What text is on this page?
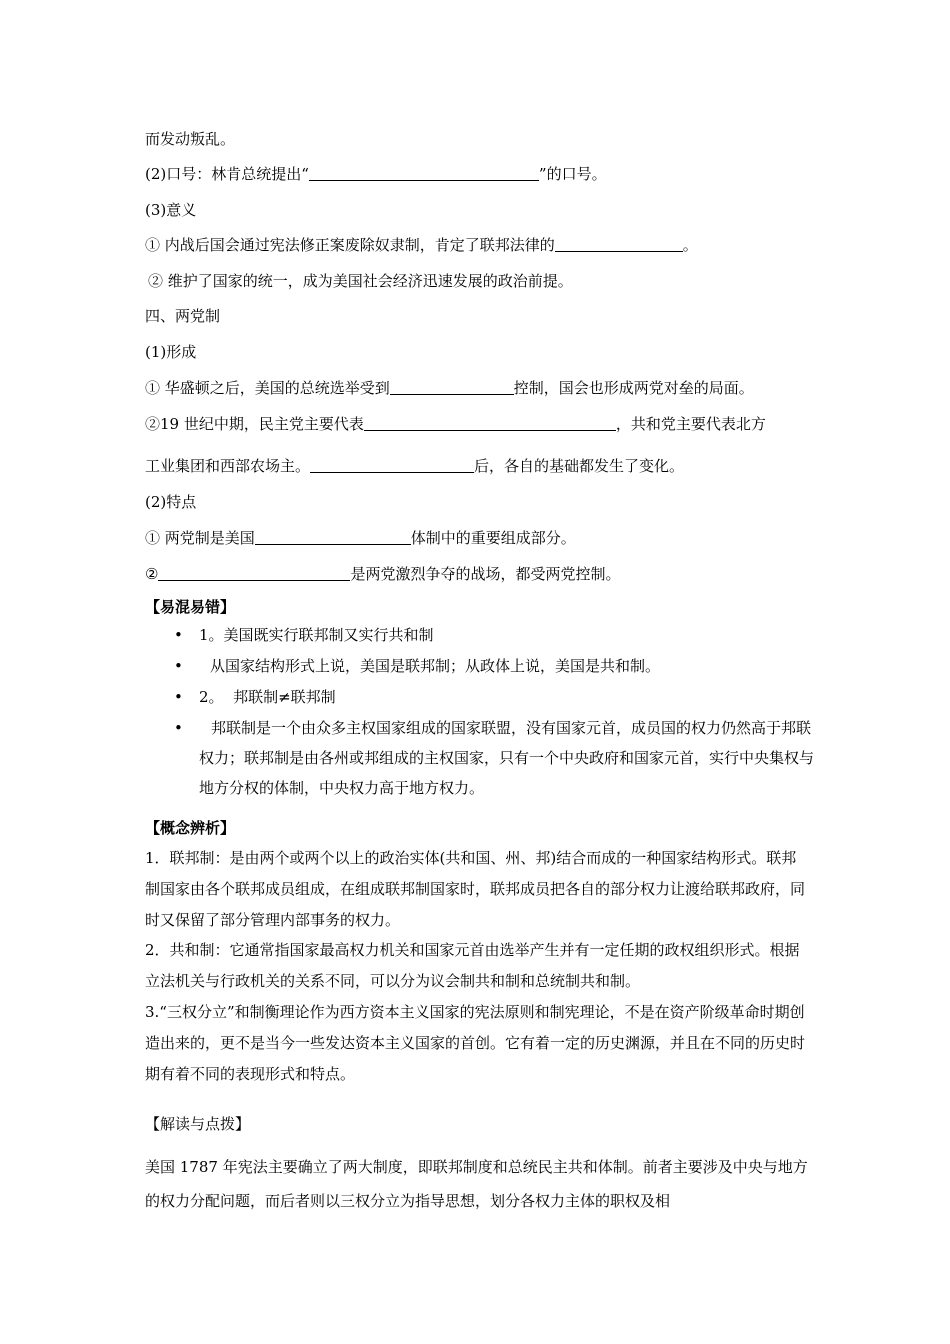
而发动叛乱。
(2)口号：林肯总统提出“	”的口号。
(3)意义
① 内战后国会通过宪法修正案废除奴隶制，肯定了联邦法律的	。
② 维护了国家的统一，成为美国社会经济迅速发展的政治前提。
四、两党制
(1)形成
① 华盛顿之后，美国的总统选举受到	控制，国会也形成两党对垒的局面。
②19 世纪中期，民主党主要代表	，共和党主要代表北方
工业集团和西部农场主。	后，各自的基础都发生了变化。
(2)特点
① 两党制是美国	体制中的重要组成部分。
②	是两党激烈争夺的战场，都受两党控制。
【易混易错】
• 1。美国既实行联邦制又实行共和制
• 从国家结构形式上说，美国是联邦制；从政体上说，美国是共和制。
• 2。  邦联制≠联邦制
•	邦联制是一个由众多主权国家组成的国家联盟，没有国家元首，成员国的权力仍然高于邦联权力；联邦制是由各州或邦组成的主权国家，只有一个中央政府和国家元首，实行中央集权与地方分权的体制，中央权力高于地方权力。
【概念辨析】
1．联邦制：是由两个或两个以上的政治实体(共和国、州、邦)结合而成的一种国家结构形式。联邦制国家由各个联邦成员组成，在组成联邦制国家时，联邦成员把各自的部分权力让渡给联邦政府，同时又保留了部分管理内部事务的权力。
2．共和制：它通常指国家最高权力机关和国家元首由选举产生并有一定任期的政权组织形式。根据立法机关与行政机关的关系不同，可以分为议会制共和制和总统制共和制。
3.“三权分立”和制衡理论作为西方资本主义国家的宪法原则和制宪理论，不是在资产阶级革命时期创造出来的，更不是当今一些发达资本主义国家的首创。它有着一定的历史渊源，并且在不同的历史时期有着不同的表现形式和特点。
【解读与点拨】
美国 1787 年宪法主要确立了两大制度，即联邦制度和总统民主共和体制。前者主要涉及中央与地方的权力分配问题，而后者则以三权分立为指导思想，划分各权力主体的职权及相
